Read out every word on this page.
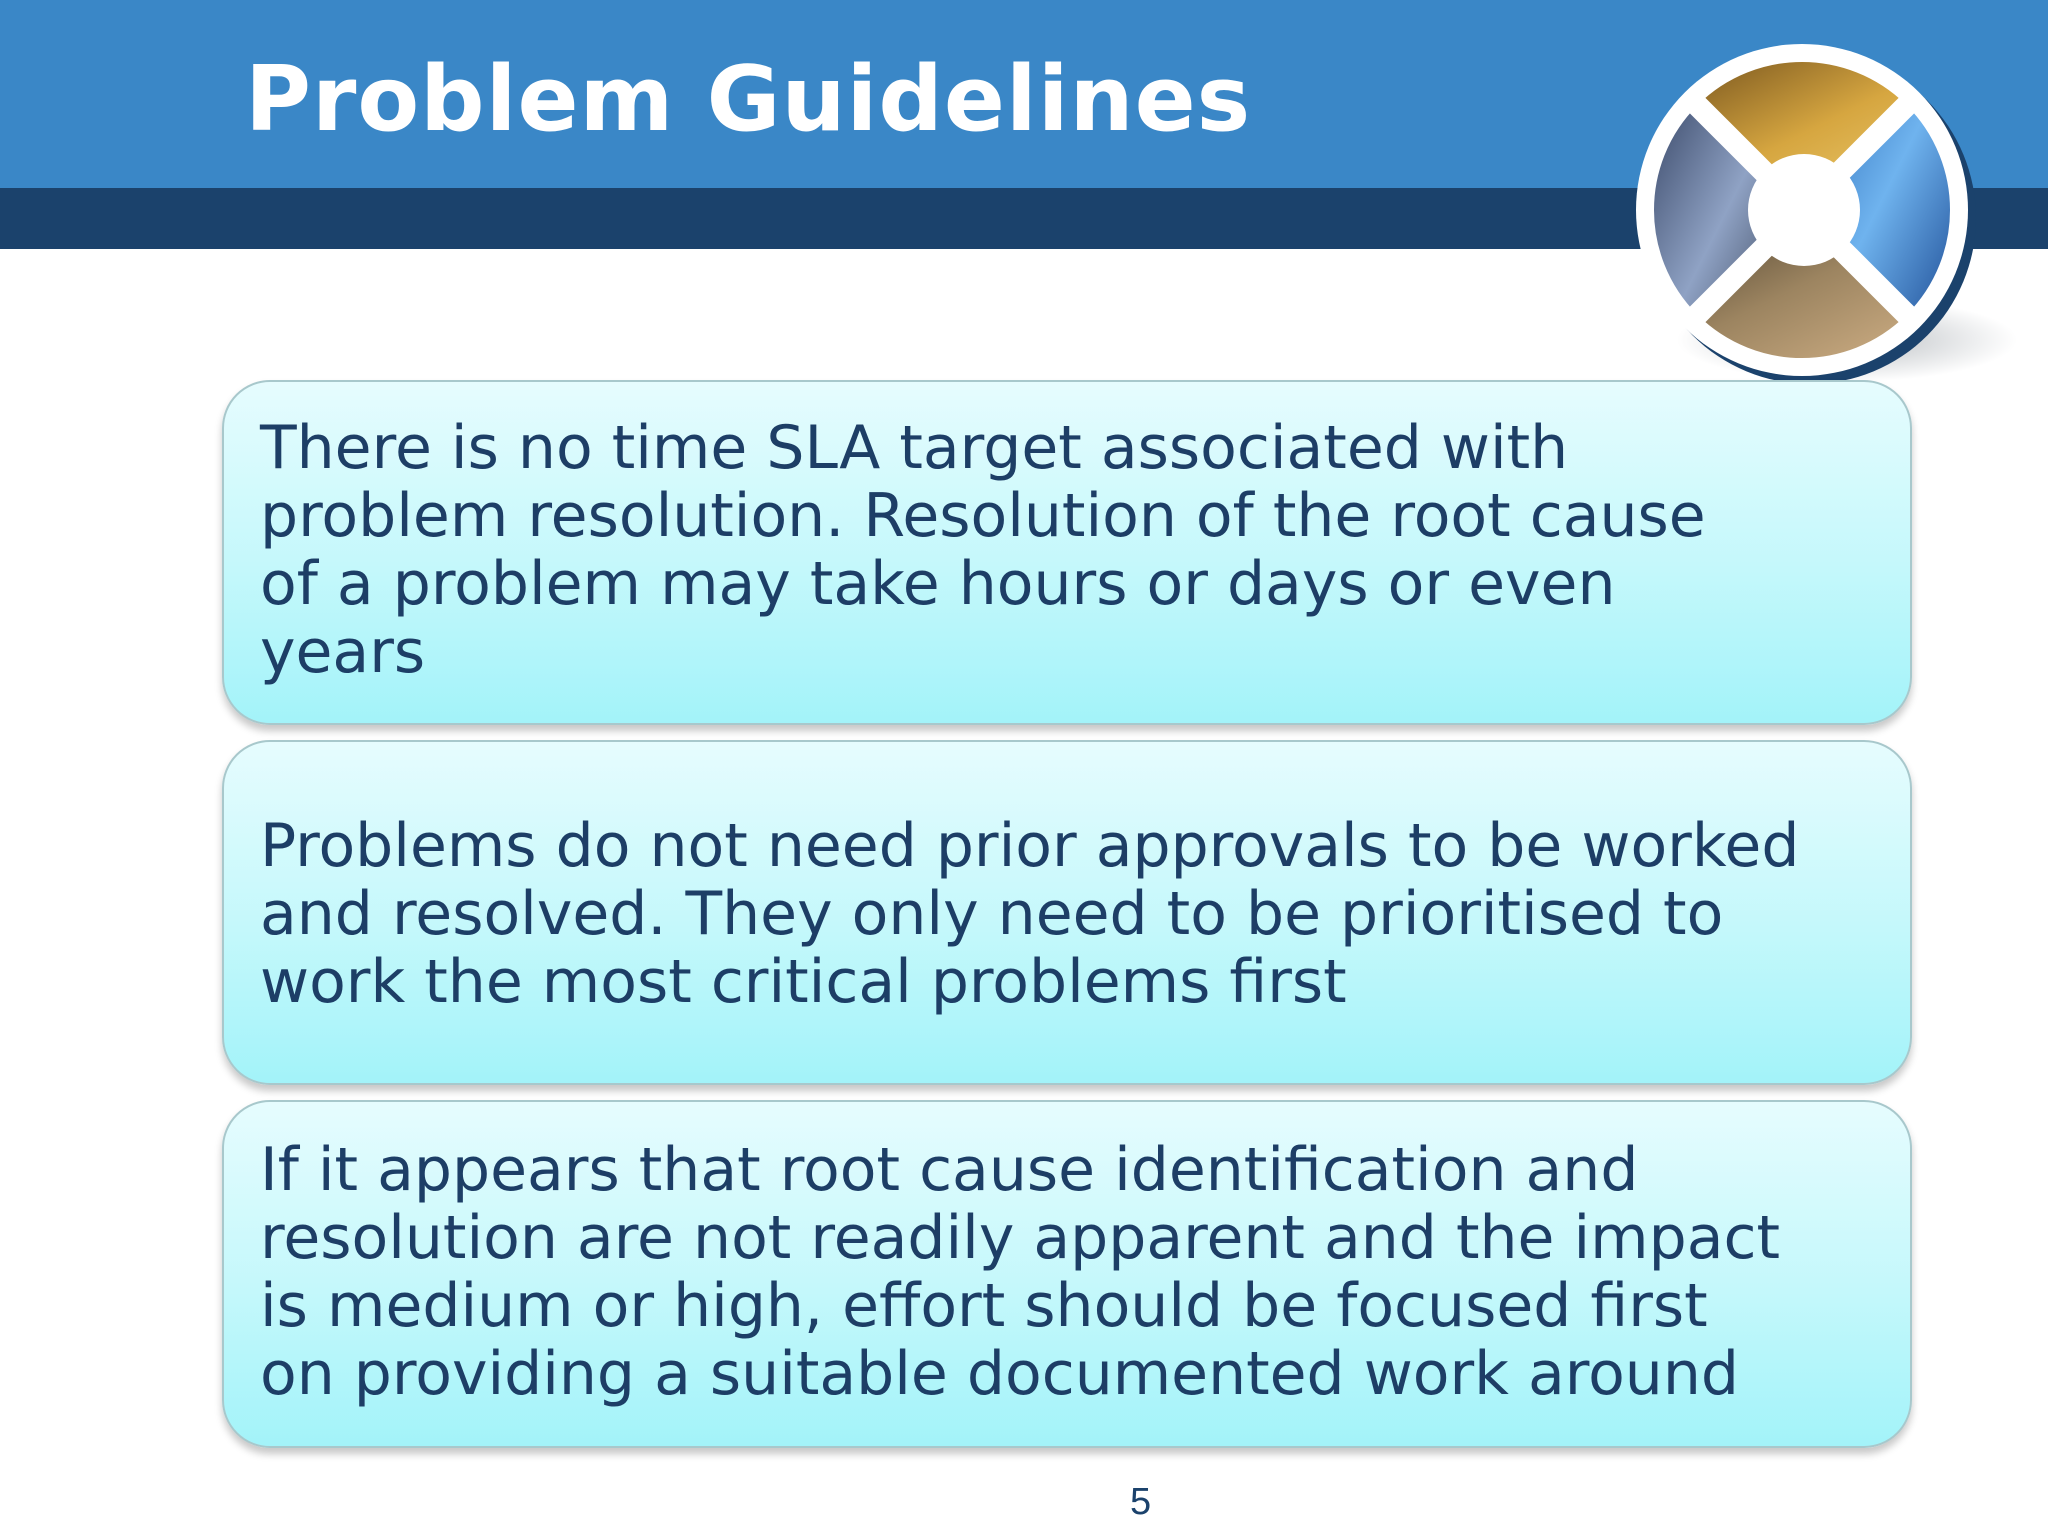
Problem Guidelines

There is no time SLA target associated with

problem resolution. Resolution of the root cause

of a problem may take hours or days or even

years

Problems do not need prior approvals to be worked

and resolved. They only need to be prioritised to

work the most critical problems first

If it appears that root cause identification and

resolution are not readily apparent and the impact

is medium or high, effort should be focused first

on providing a suitable documented work around

5
